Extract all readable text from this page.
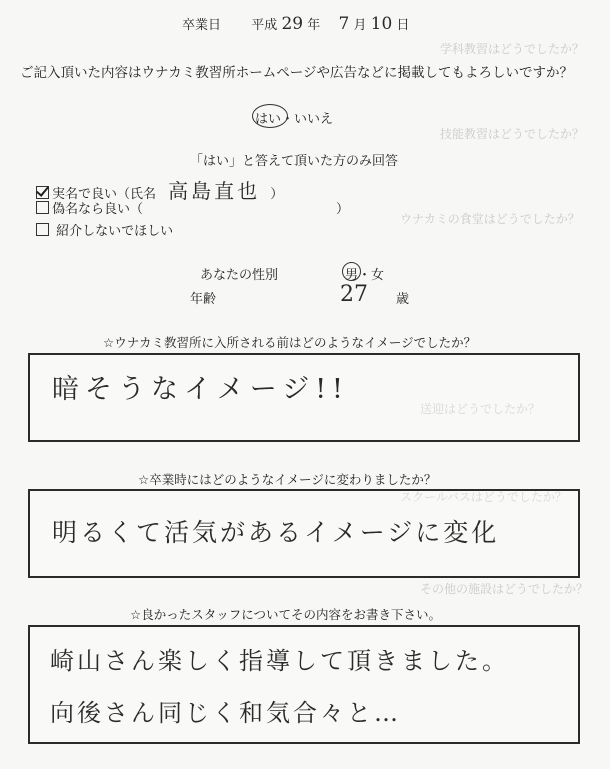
学科教習はどうでしたか？
技能教習はどうでしたか？
ウナカミの食堂はどうでしたか？
送迎はどうでしたか？
スクールバスはどうでしたか？
その他の施設はどうでしたか？
卒業日 平成 29 年 7 月 10 日
ご記入頂いた内容はウナカミ教習所ホームページや広告などに掲載してもよろしいですか？
はい・いいえ
「はい」と答えて頂いた方のみ回答
実名で良い（氏名 高島直也 ）
偽名なら良い（	）
紹介しないでほしい
あなたの性別	男・女
年齢	27 歳
☆ウナカミ教習所に入所される前はどのようなイメージでしたか？
暗そうなイメージ!!
☆卒業時にはどのようなイメージに変わりましたか？
明るくて活気があるイメージに変化
☆良かったスタッフについてその内容をお書き下さい。
崎山さん楽しく指導して頂きました。
向後さん同じく和気合々と…
